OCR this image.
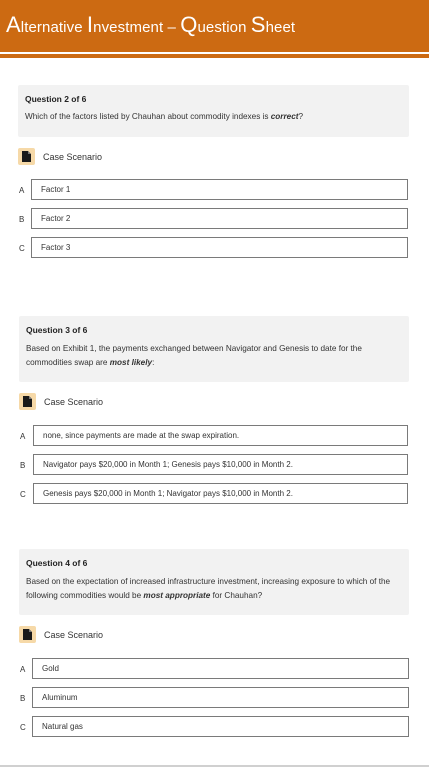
Alternative Investment – Question Sheet
Question 2 of 6
Which of the factors listed by Chauhan about commodity indexes is correct?
Case Scenario
A Factor 1
B Factor 2
C Factor 3
Question 3 of 6
Based on Exhibit 1, the payments exchanged between Navigator and Genesis to date for the commodities swap are most likely:
Case Scenario
A none, since payments are made at the swap expiration.
B Navigator pays $20,000 in Month 1; Genesis pays $10,000 in Month 2.
C Genesis pays $20,000 in Month 1; Navigator pays $10,000 in Month 2.
Question 4 of 6
Based on the expectation of increased infrastructure investment, increasing exposure to which of the following commodities would be most appropriate for Chauhan?
Case Scenario
A Gold
B Aluminum
C Natural gas
